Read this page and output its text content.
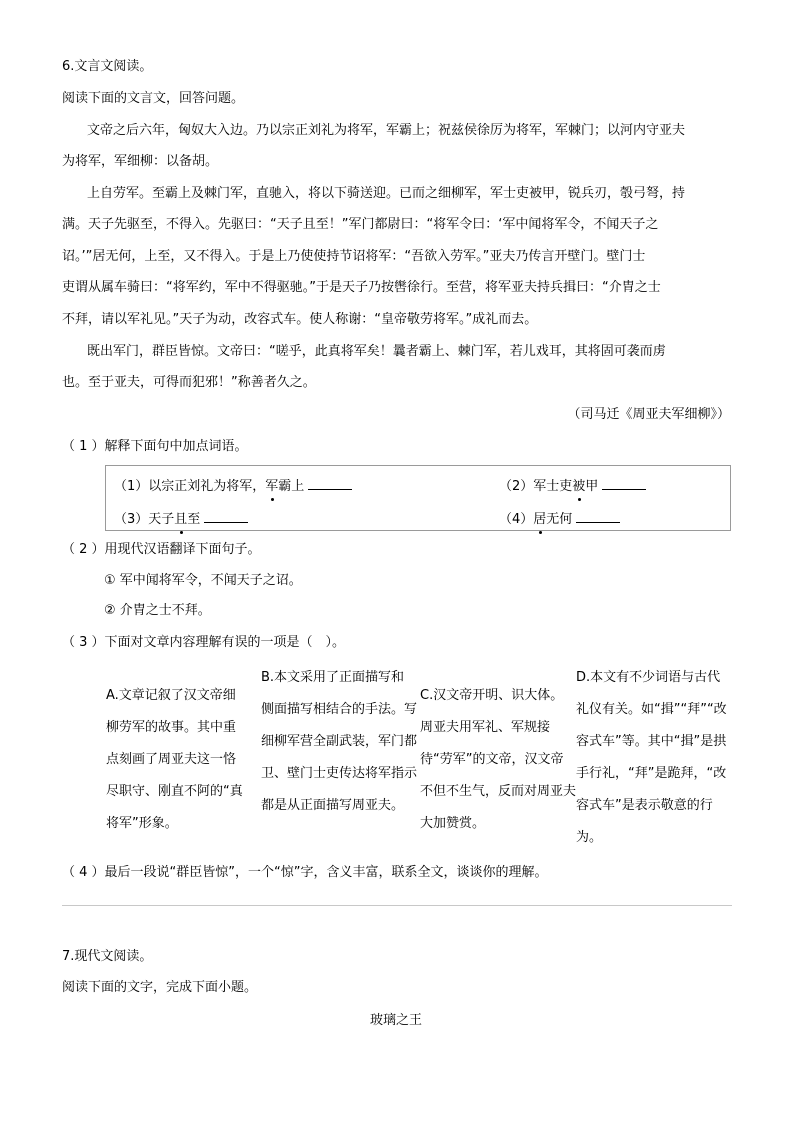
6.文言文阅读。
阅读下面的文言文，回答问题。
文帝之后六年，匈奴大入边。乃以宗正刘礼为将军，军霸上；祝兹侯徐厉为将军，军棘门；以河内守亚夫
为将军，军细柳：以备胡。
上自劳军。至霸上及棘门军，直驰入，将以下骑送迎。已而之细柳军，军士吏被甲，锐兵刃，彀弓弩，持
满。天子先驱至，不得入。先驱曰：“天子且至！”军门都尉曰：“将军令曰：‘军中闻将军令，不闻天子之
诏。’”居无何，上至，又不得入。于是上乃使使持节诏将军：“吾欲入劳军。”亚夫乃传言开壁门。壁门士
吏谓从属车骑曰：“将军约，军中不得驱驰。”于是天子乃按辔徐行。至营，将军亚夫持兵揖曰：“介胄之士
不拜，请以军礼见。”天子为动，改容式车。使人称谢：“皇帝敬劳将军。”成礼而去。
既出军门，群臣皆惊。文帝曰：“嗟乎，此真将军矣！曩者霸上、棘门军，若儿戏耳，其将固可袭而虏
也。至于亚夫，可得而犯邪！”称善者久之。
（司马迁《周亚夫军细柳》）
（ 1 ）解释下面句中加点词语。
（1）以宗正刘礼为将军，军霸上	（2）军士吏被甲
（3）天子且至	（4）居无何
（ 2 ）用现代汉语翻译下面句子。
① 军中闻将军令，不闻天子之诏。
② 介胄之士不拜。
（ 3 ）下面对文章内容理解有误的一项是（　）。
A.文章记叙了汉文帝细柳劳军的故事。其中重点刻画了周亚夫这一恪尽职守、刚直不阿的“真将军”形象。
B.本文采用了正面描写和侧面描写相结合的手法。写细柳军营全副武装，军门都卫、壁门士吏传达将军指示都是从正面描写周亚夫。
C.汉文帝开明、识大体。周亚夫用军礼、军规接待“劳军”的文帝，汉文帝不但不生气，反而对周亚夫大加赞赏。
D.本文有不少词语与古代礼仪有关。如“揖”“拜”“改容式车”等。其中“揖”是拱手行礼，“拜”是跪拜，“改容式车”是表示敬意的行为。
（ 4 ）最后一段说“群臣皆惊”，一个“惊”字，含义丰富，联系全文，谈谈你的理解。
7.现代文阅读。
阅读下面的文字，完成下面小题。
玻璃之王
